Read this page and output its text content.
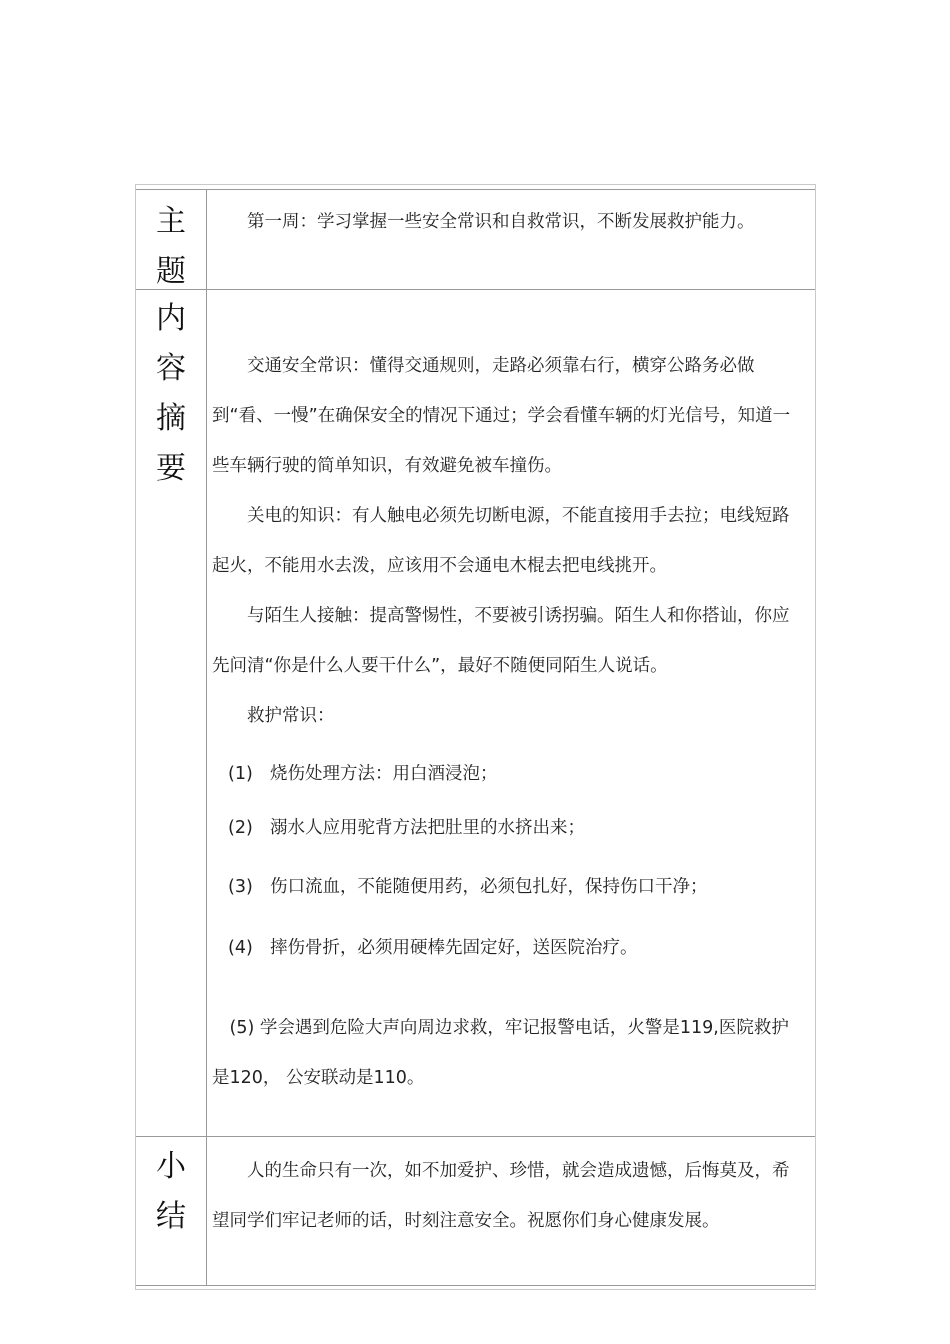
主
题

第一周：学习掌握一些安全常识和自救常识，不断发展救护能力。

内
容
摘
要

交通安全常识：懂得交通规则，走路必须靠右行，横穿公路务必做到“看、一慢”在确保安全的情况下通过；学会看懂车辆的灯光信号，知道一些车辆行驶的简单知识，有效避免被车撞伤。

关电的知识：有人触电必须先切断电源，不能直接用手去拉；电线短路起火，不能用水去泼，应该用不会通电木棍去把电线挑开。

与陌生人接触：提高警惕性，不要被引诱拐骗。陌生人和你搭讪，你应先问清“你是什么人要干什么”，最好不随便同陌生人说话。

救护常识：

(1) 烧伤处理方法：用白酒浸泡；
(2) 溺水人应用驼背方法把肚里的水挤出来；
(3) 伤口流血，不能随便用药，必须包扎好，保持伤口干净；
(4) 摔伤骨折，必须用硬棒先固定好，送医院治疗。

(5) 学会遇到危险大声向周边求救，牢记报警电话，火警是119,医院救护是120， 公安联动是110。

小
结

人的生命只有一次，如不加爱护、珍惜，就会造成遗憾，后悔莫及，希望同学们牢记老师的话，时刻注意安全。祝愿你们身心健康发展。
